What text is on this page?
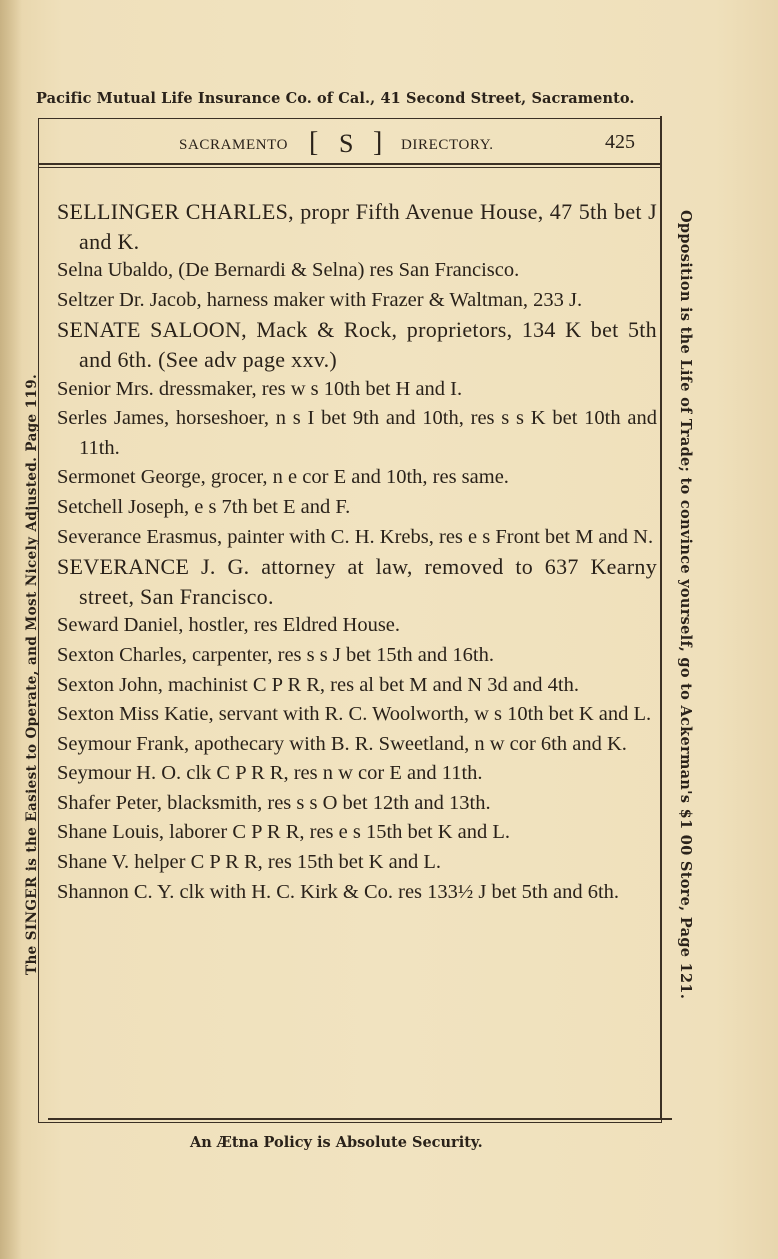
Pacific Mutual Life Insurance Co. of Cal., 41 Second Street, Sacramento.
SACRAMENTO [ S ] DIRECTORY.	425
SELLINGER CHARLES, propr Fifth Avenue House, 47 5th bet J and K.
Selna Ubaldo, (De Bernardi & Selna) res San Francisco.
Seltzer Dr. Jacob, harness maker with Frazer & Waltman, 233 J.
SENATE SALOON, Mack & Rock, proprietors, 134 K bet 5th and 6th. (See adv page xxv.)
Senior Mrs. dressmaker, res w s 10th bet H and I.
Serles James, horseshoer, n s I bet 9th and 10th, res s s K bet 10th and 11th.
Sermonet George, grocer, n e cor E and 10th, res same.
Setchell Joseph, e s 7th bet E and F.
Severance Erasmus, painter with C. H. Krebs, res e s Front bet M and N.
SEVERANCE J. G. attorney at law, removed to 637 Kearny street, San Francisco.
Seward Daniel, hostler, res Eldred House.
Sexton Charles, carpenter, res s s J bet 15th and 16th.
Sexton John, machinist C P R R, res al bet M and N 3d and 4th.
Sexton Miss Katie, servant with R. C. Woolworth, w s 10th bet K and L.
Seymour Frank, apothecary with B. R. Sweetland, n w cor 6th and K.
Seymour H. O. clk C P R R, res n w cor E and 11th.
Shafer Peter, blacksmith, res s s O bet 12th and 13th.
Shane Louis, laborer C P R R, res e s 15th bet K and L.
Shane V. helper C P R R, res 15th bet K and L.
Shannon C. Y. clk with H. C. Kirk & Co. res 133½ J bet 5th and 6th.
An Ætna Policy is Absolute Security.
The SINGER is the Easiest to Operate, and Most Nicely Adjusted. Page 119.	Opposition is the Life of Trade; to convince yourself, go to Ackerman's $1 00 Store, Page 121.
